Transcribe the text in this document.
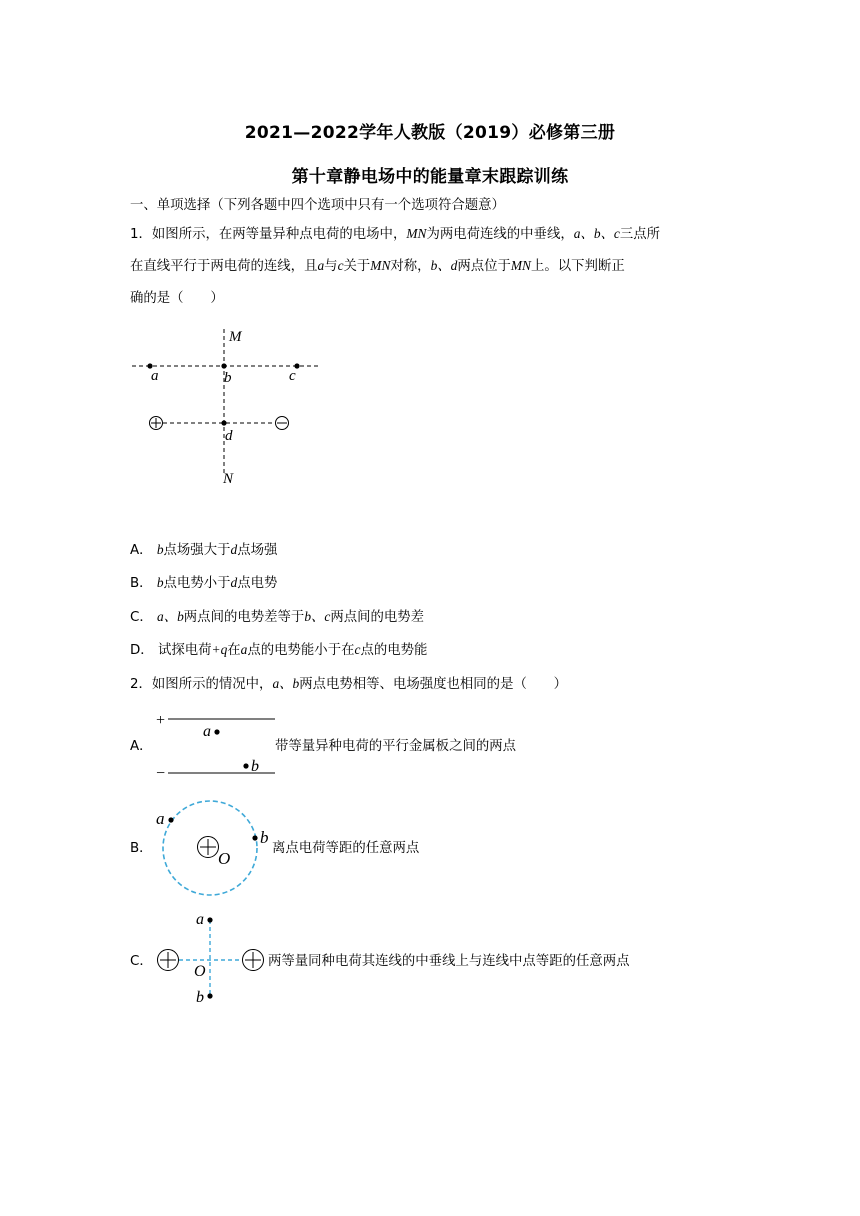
2021—2022学年人教版（2019）必修第三册
第十章静电场中的能量章末跟踪训练
一、单项选择（下列各题中四个选项中只有一个选项符合题意）
1．如图所示，在两等量异种点电荷的电场中，MN为两电荷连线的中垂线，a、b、c三点所
在直线平行于两电荷的连线，且a与c关于MN对称，b、d两点位于MN上。以下判断正
确的是（　　）
M
a	b	c
d
N
A． b点场强大于d点场强
B． b点电势小于d点电势
C． a、b两点间的电势差等于b、c两点间的电势差
D． 试探电荷+q在a点的电势能小于在c点的电势能
2．如图所示的情况中，a、b两点电势相等、电场强度也相同的是（　　）
A．
+
a
b
−
带等量异种电荷的平行金属板之间的两点
B．
O
a
b
离点电荷等距的任意两点
C．
a
O
b
两等量同种电荷其连线的中垂线上与连线中点等距的任意两点
